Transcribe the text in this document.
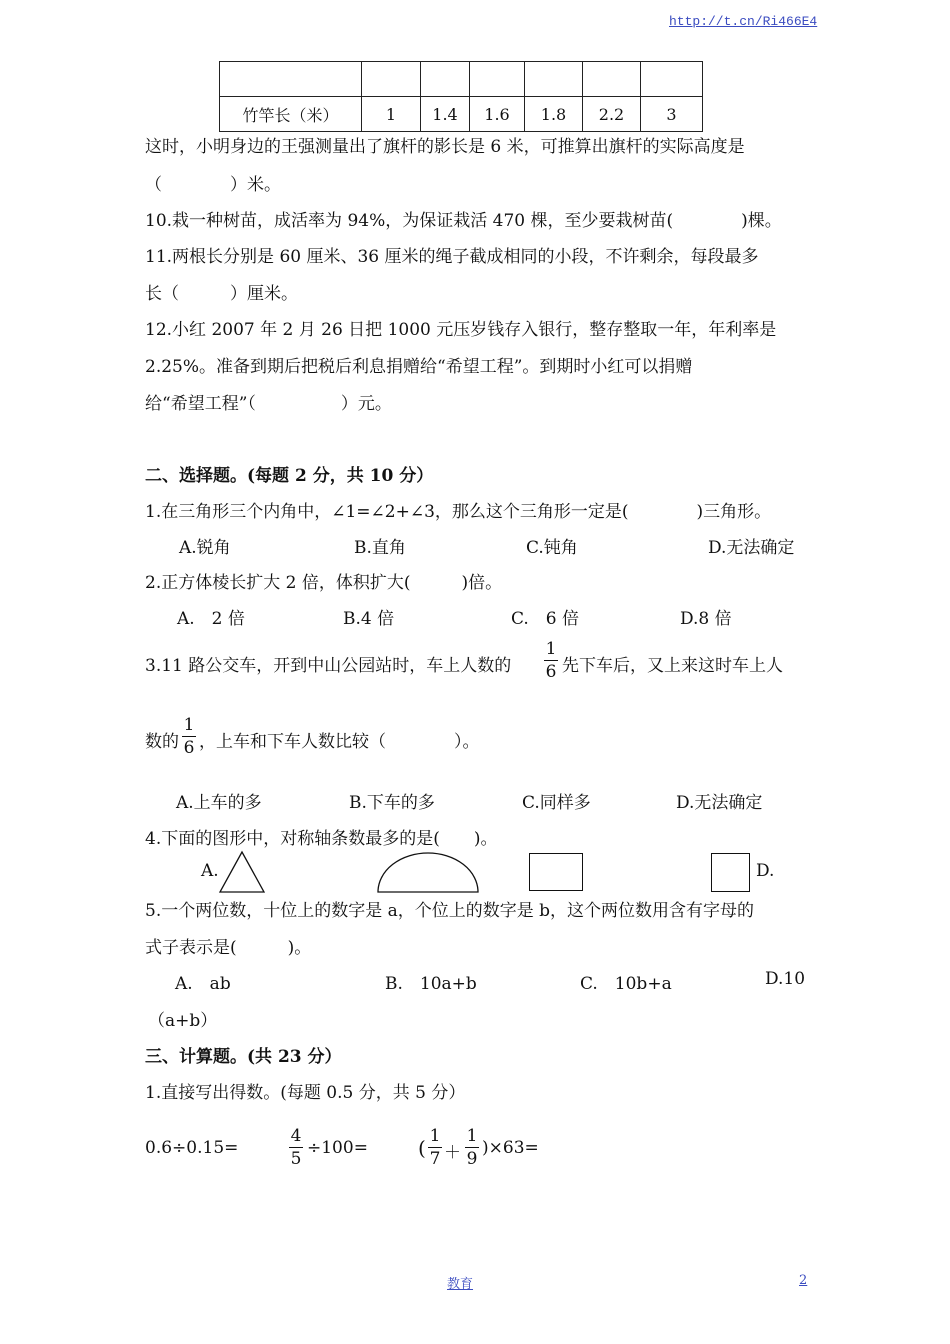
http://t.cn/Ri466E4

竹竿长（米）	1	1.4	1.6	1.8	2.2	3
这时，小明身边的王强测量出了旗杆的影长是 6 米，可推算出旗杆的实际高度是
（　　　　）米。
10.栽一种树苗，成活率为 94%，为保证栽活 470 棵，至少要栽树苗(　　　　)棵。
11.两根长分别是 60 厘米、36 厘米的绳子截成相同的小段，不许剩余，每段最多
长（　　　）厘米。
12.小红 2007 年 2 月 26 日把 1000 元压岁钱存入银行，整存整取一年，年利率是
2.25%。准备到期后把税后利息捐赠给“希望工程”。到期时小红可以捐赠
给“希望工程”（　　　　　）元。
二、选择题。(每题 2 分，共 10 分）
1.在三角形三个内角中，∠1=∠2+∠3，那么这个三角形一定是(　　　　)三角形。
A.锐角	B.直角	C.钝角	D.无法确定
2.正方体棱长扩大 2 倍，体积扩大(　　　)倍。
A.　2 倍	B.4 倍	C.　6 倍	D.8 倍
3.11 路公交车，开到中山公园站时，车上人数的
1
6 先下车后，又上来这时车上人
数的
1
6 ，上车和下车人数比较（　　　　）。
A.上车的多	B.下车的多	C.同样多	D.无法确定
4.下面的图形中，对称轴条数最多的是(　　)。
A.	D.
5.一个两位数，十位上的数字是 a，个位上的数字是 b，这个两位数用含有字母的
式子表示是(　　　)。
A.　ab	B.　10a+b	C.　10b+a	D.10
（a+b）
三、计算题。(共 23 分）
1.直接写出得数。(每题 0.5 分，共 5 分）
0.6÷0.15=
4
5
÷100=	( 1
7 ＋
1
9
)×63=
教育	2
